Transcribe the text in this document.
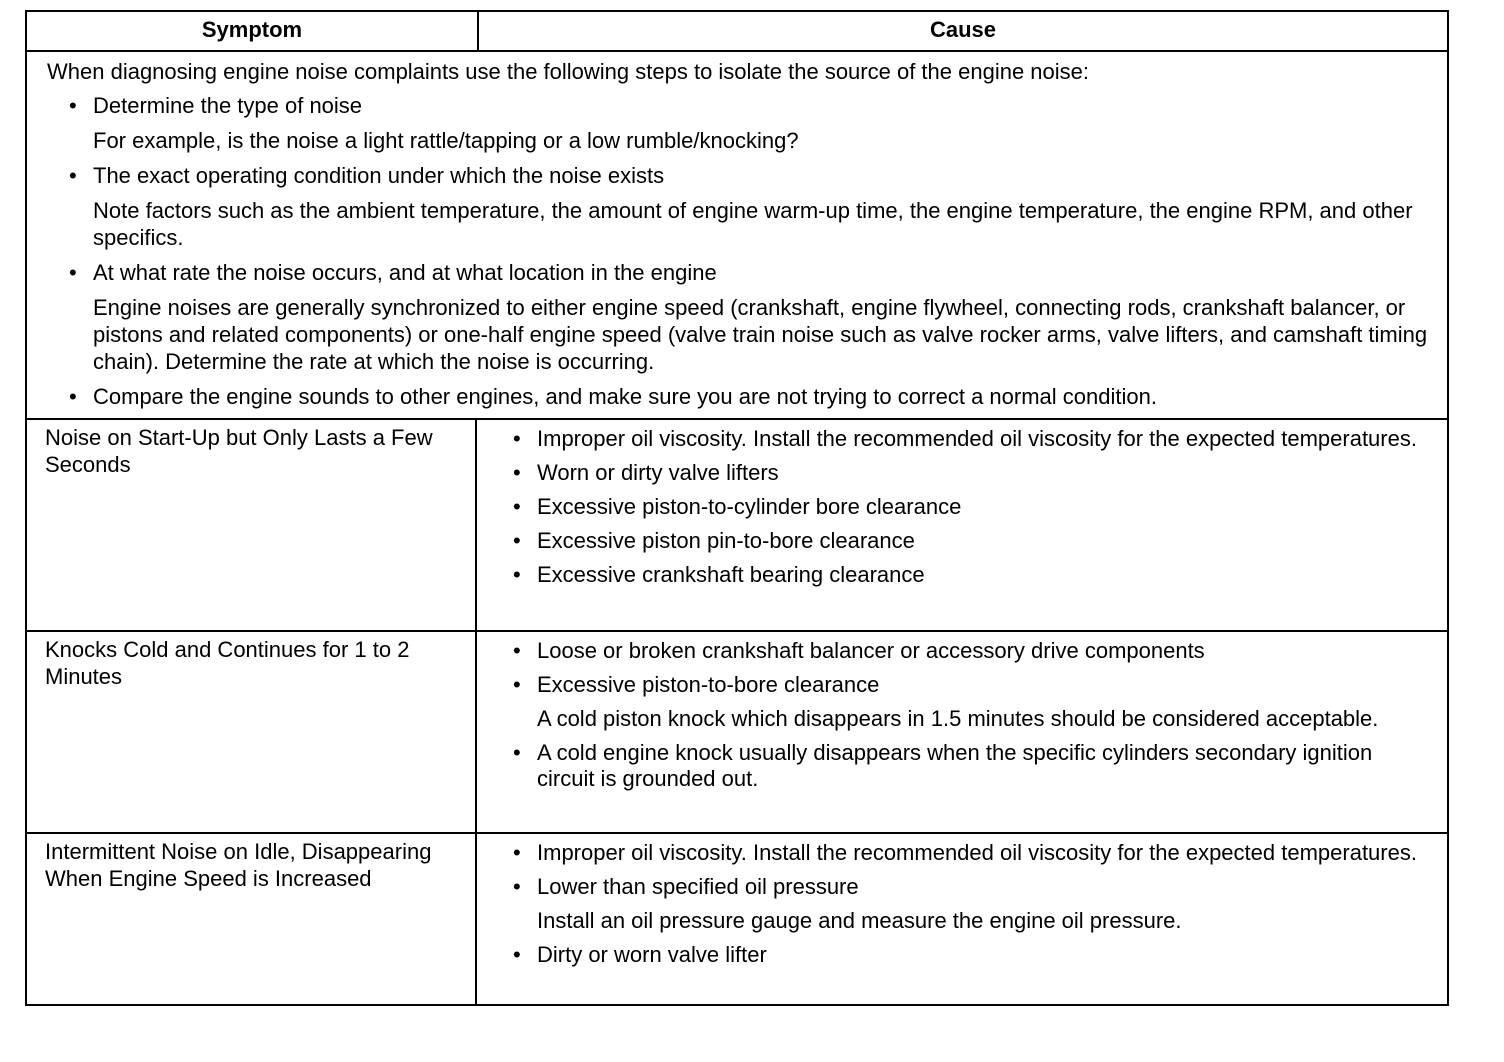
Symptom	Cause
When diagnosing engine noise complaints use the following steps to isolate the source of the engine noise:
• Determine the type of noise
For example, is the noise a light rattle/tapping or a low rumble/knocking?
• The exact operating condition under which the noise exists
Note factors such as the ambient temperature, the amount of engine warm-up time, the engine temperature, the engine RPM, and other specifics.
• At what rate the noise occurs, and at what location in the engine
Engine noises are generally synchronized to either engine speed (crankshaft, engine flywheel, connecting rods, crankshaft balancer, or pistons and related components) or one-half engine speed (valve train noise such as valve rocker arms, valve lifters, and camshaft timing chain). Determine the rate at which the noise is occurring.
• Compare the engine sounds to other engines, and make sure you are not trying to correct a normal condition.
Noise on Start-Up but Only Lasts a Few Seconds
• Improper oil viscosity. Install the recommended oil viscosity for the expected temperatures.
• Worn or dirty valve lifters
• Excessive piston-to-cylinder bore clearance
• Excessive piston pin-to-bore clearance
• Excessive crankshaft bearing clearance
Knocks Cold and Continues for 1 to 2 Minutes
• Loose or broken crankshaft balancer or accessory drive components
• Excessive piston-to-bore clearance
A cold piston knock which disappears in 1.5 minutes should be considered acceptable.
• A cold engine knock usually disappears when the specific cylinders secondary ignition circuit is grounded out.
Intermittent Noise on Idle, Disappearing When Engine Speed is Increased
• Improper oil viscosity. Install the recommended oil viscosity for the expected temperatures.
• Lower than specified oil pressure
Install an oil pressure gauge and measure the engine oil pressure.
• Dirty or worn valve lifter
